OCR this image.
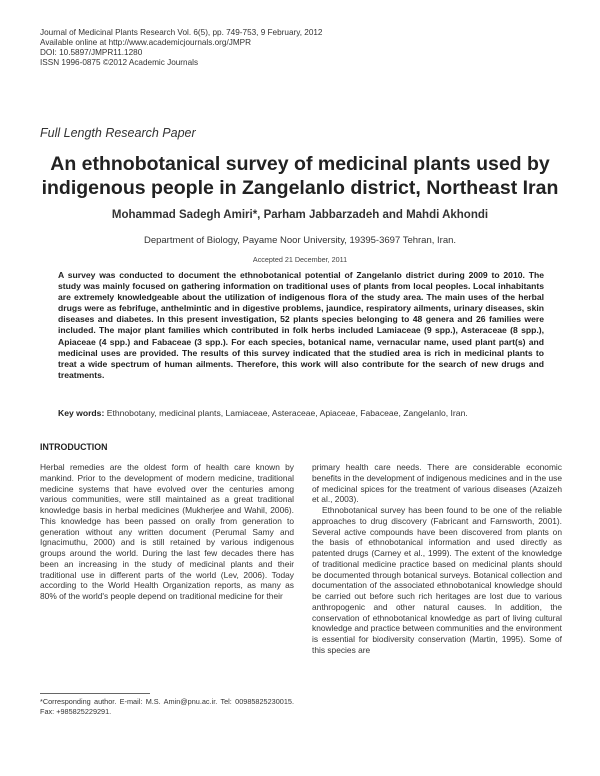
Journal of Medicinal Plants Research Vol. 6(5), pp. 749-753, 9 February, 2012
Available online at http://www.academicjournals.org/JMPR
DOI: 10.5897/JMPR11.1280
ISSN 1996-0875 ©2012 Academic Journals
Full Length Research Paper
An ethnobotanical survey of medicinal plants used by indigenous people in Zangelanlo district, Northeast Iran
Mohammad Sadegh Amiri*, Parham Jabbarzadeh and Mahdi Akhondi
Department of Biology, Payame Noor University, 19395-3697 Tehran, Iran.
Accepted 21 December, 2011
A survey was conducted to document the ethnobotanical potential of Zangelanlo district during 2009 to 2010. The study was mainly focused on gathering information on traditional uses of plants from local peoples. Local inhabitants are extremely knowledgeable about the utilization of indigenous flora of the study area. The main uses of the herbal drugs were as febrifuge, anthelmintic and in digestive problems, jaundice, respiratory ailments, urinary diseases, skin diseases and diabetes. In this present investigation, 52 plants species belonging to 48 genera and 26 families were included. The major plant families which contributed in folk herbs included Lamiaceae (9 spp.), Asteraceae (8 spp.), Apiaceae (4 spp.) and Fabaceae (3 spp.). For each species, botanical name, vernacular name, used plant part(s) and medicinal uses are provided. The results of this survey indicated that the studied area is rich in medicinal plants to treat a wide spectrum of human ailments. Therefore, this work will also contribute for the search of new drugs and treatments.
Key words: Ethnobotany, medicinal plants, Lamiaceae, Asteraceae, Apiaceae, Fabaceae, Zangelanlo, Iran.
INTRODUCTION

Herbal remedies are the oldest form of health care known by mankind. Prior to the development of modern medicine, traditional medicine systems that have evolved over the centuries among various communities, were still maintained as a great traditional knowledge basis in herbal medicines (Mukherjee and Wahil, 2006). This knowledge has been passed on orally from generation to generation without any written document (Perumal Samy and Ignacimuthu, 2000) and is still retained by various indigenous groups around the world. During the last few decades there has been an increasing in the study of medicinal plants and their traditional use in different parts of the world (Lev, 2006). Today according to the World Health Organization reports, as many as 80% of the world's people depend on traditional medicine for their

primary health care needs. There are considerable economic benefits in the development of indigenous medicines and in the use of medicinal spices for the treatment of various diseases (Azaizeh et al., 2003).

Ethnobotanical survey has been found to be one of the reliable approaches to drug discovery (Fabricant and Farnsworth, 2001). Several active compounds have been discovered from plants on the basis of ethnobotanical information and used directly as patented drugs (Carney et al., 1999). The extent of the knowledge of traditional medicine practice based on medicinal plants should be documented through botanical surveys. Botanical collection and documentation of the associated ethnobotanical knowledge should be carried out before such rich heritages are lost due to various anthropogenic and other natural causes. In addition, the conservation of ethnobotanical knowledge as part of living cultural knowledge and practice between communities and the environment is essential for biodiversity conservation (Martin, 1995). Some of this species are

*Corresponding author. E-mail: M.S. Amin@pnu.ac.ir. Tel: 00985825230015. Fax: +985825229291.
